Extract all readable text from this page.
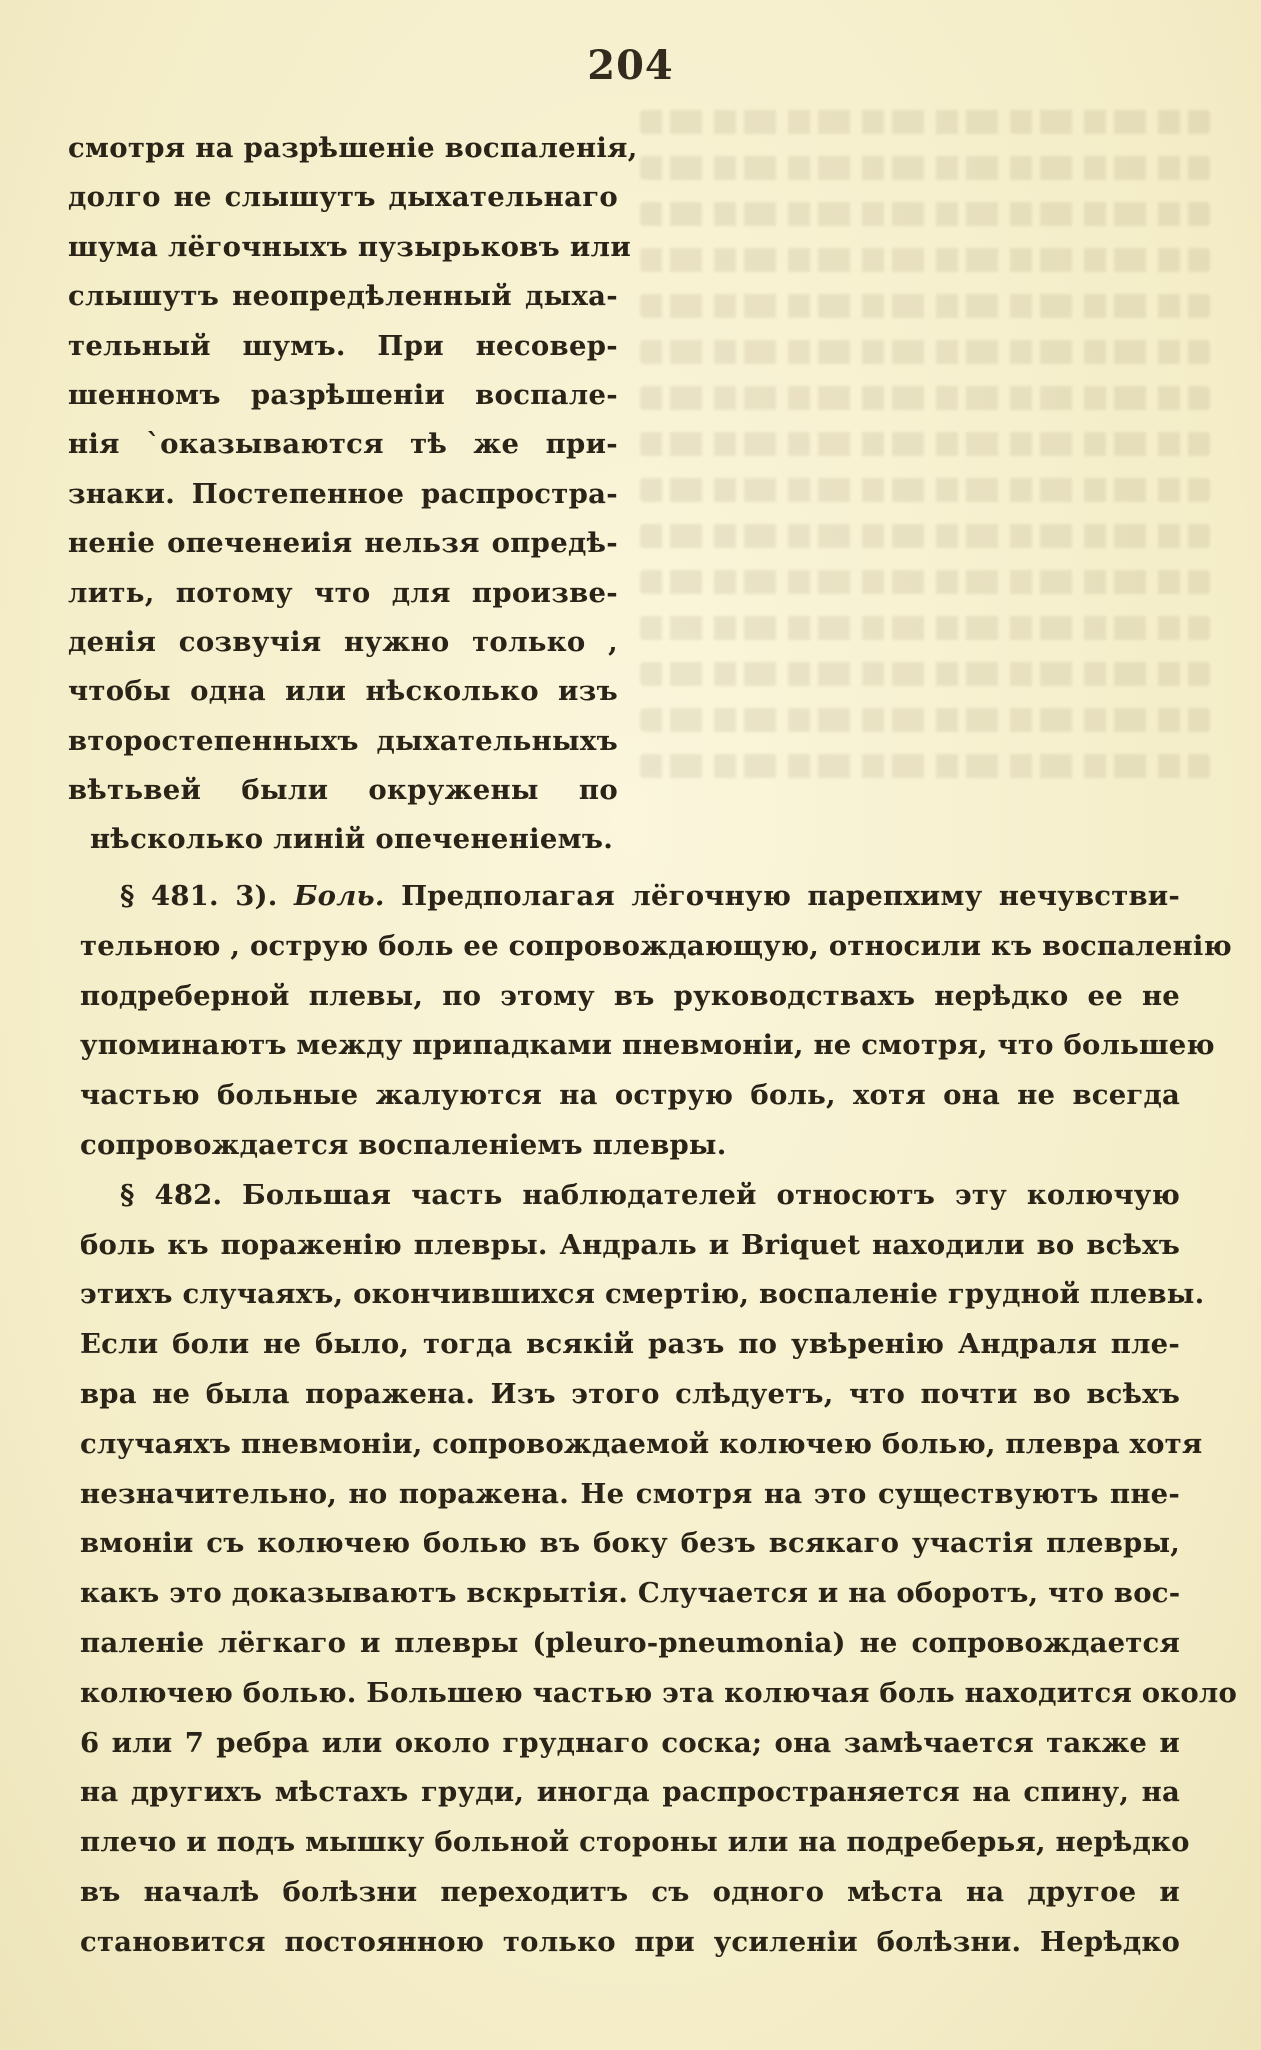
204
смотря на разрѣшеніе воспаленія,
долго не слышутъ дыхательнаго
шума лёгочныхъ пузырьковъ или
слышутъ неопредѣленный дыха-
тельный шумъ. При несовер-
шенномъ разрѣшеніи воспале-
нія `оказываются тѣ же при-
знаки. Постепенное распростра-
неніе опеченеиія нельзя опредѣ-
лить, потому что для произве-
денія созвучія нужно только ,
чтобы одна или нѣсколько изъ
второстепенныхъ дыхательныхъ
вѣтьвей были окружены по
нѣсколько линій опечененіемъ.
§ 481. 3). Боль. Предполагая лёгочную парепхиму нечувстви-
тельною , острую боль ее сопровождающую, относили къ воспаленію
подреберной плевы, по этому въ руководствахъ нерѣдко ее не
упоминаютъ между припадками пневмоніи, не смотря, что большею
частью больные жалуются на острую боль, хотя она не всегда
сопровождается воспаленіемъ плевры.
§ 482. Большая часть наблюдателей относютъ эту колючую
боль къ пораженію плевры. Андраль и Briquet находили во всѣхъ
этихъ случаяхъ, окончившихся смертію, воспаленіе грудной плевы.
Если боли не было, тогда всякій разъ по увѣренію Андраля пле-
вра не была поражена. Изъ этого слѣдуетъ, что почти во всѣхъ
случаяхъ пневмоніи, сопровождаемой колючею болью, плевра хотя
незначительно, но поражена. Не смотря на это существуютъ пне-
вмоніи съ колючею болью въ боку безъ всякаго участія плевры,
какъ это доказываютъ вскрытія. Случается и на оборотъ, что вос-
паленіе лёгкаго и плевры (pleuro-pneumonia) не сопровождается
колючею болью. Большею частью эта колючая боль находится около
6 или 7 ребра или около груднаго соска; она замѣчается также и
на другихъ мѣстахъ груди, иногда распространяется на спину, на
плечо и подъ мышку больной стороны или на подреберья, нерѣдко
въ началѣ болѣзни переходитъ съ одного мѣста на другое и
становится постоянною только при усиленіи болѣзни. Нерѣдко
